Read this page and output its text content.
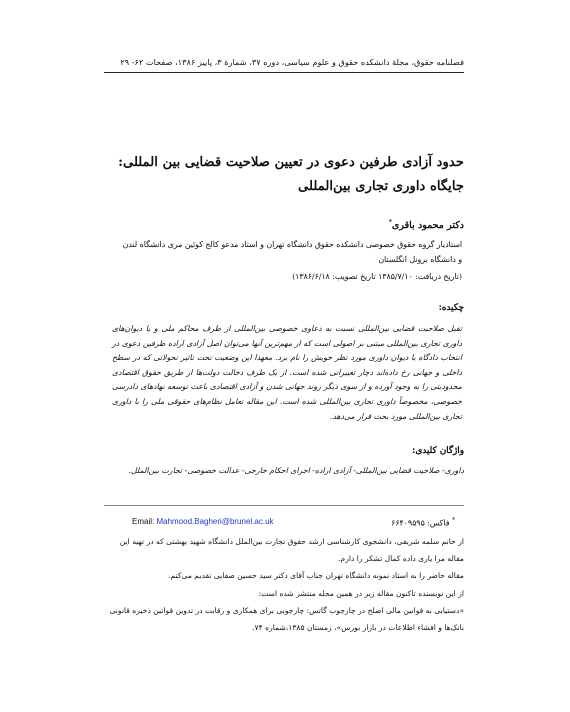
فصلنامه حقوق، مجلهٔ دانشکده حقوق و علوم سیاسی، دوره ۳۷، شمارهٔ ۳، پاییز ۱۳۸۶، صفحات ۶۲- ۲۹
حدود آزادی طرفین دعوی در تعیین صلاحیت قضایی بین المللی:
جایگاه داوری تجاری بین‌المللی
دکتر محمود باقری*
استادیار گروه حقوق خصوصی دانشکده حقوق دانشگاه تهران و استاد مدعو کالج کوئین مری دانشگاه لندن
و دانشگاه برونل انگلستان
(تاریخ دریافت: ۱۳۸۵/۷/۱۰ تاریخ تصویب: ۱۳۸۶/۶/۱۸)
چکیده:
تقبل صلاحیت قضایی بین‌المللی نسبت به دعاوی خصوصی بین‌المللی از طرف محاکم ملی و یا دیوان‌های داوری تجاری بین‌المللی مبتنی بر اصولی است که از مهم‌ترین آنها می‌توان اصل آزادی اراده طرفین دعوی در انتخاب دادگاه یا دیوان داوری مورد نظر خویش را نام برد. معهذا این وضعیت تحت تاثیر تحولاتی که در سطح داخلی و جهانی رخ داده‌اند دچار تغییراتی شده است. از یک طرف دخالت دولت‌ها از طریق حقوق اقتصادی محدودیتی را به وجود آورده و از سوی دیگر روند جهانی شدن و آزادی اقتصادی باعث توسعه نهادهای دادرسی خصوصی، مخصوصاً داوری تجاری بین‌المللی شده است. این مقاله تعامل نظام‌های حقوقی ملی را با داوری تجاری بین‌المللی مورد بحث قرار می‌دهد.
واژگان کلیدی:
داوری- صلاحیت قضایی بین‌المللی- آزادی اراده- اجرای احکام خارجی- عدالت خصوصی- تجارت بین‌الملل.
* فاکس: ۶۶۴۰۹۵۹۵
Email: Mahmood.Bagheri@brunel.ac.uk

از خانم سلمه شریفی، دانشجوی کارشناسی ارشد حقوق تجارت بین‌الملل دانشگاه شهید بهشتی که در تهیه این مقاله مرا یاری داده کمال تشکر را دارم.

مقاله حاضر را به استاد نمونه دانشگاه تهران جناب آقای دکتر سید حسین صفایی تقدیم می‌کنم.

از این نویسنده تاکنون مقاله زیر در همین مجله منتشر شده است:

«دستیابی به قوانین مالی اصلح در چارچوب گاتس: چارچوبی برای همکاری و رقابت در تدوین قوانین ذخیره قانونی بانک‌ها و افشاء اطلاعات در بازار بورس»، زمستان ۱۳۸۵،شماره ۷۴.
